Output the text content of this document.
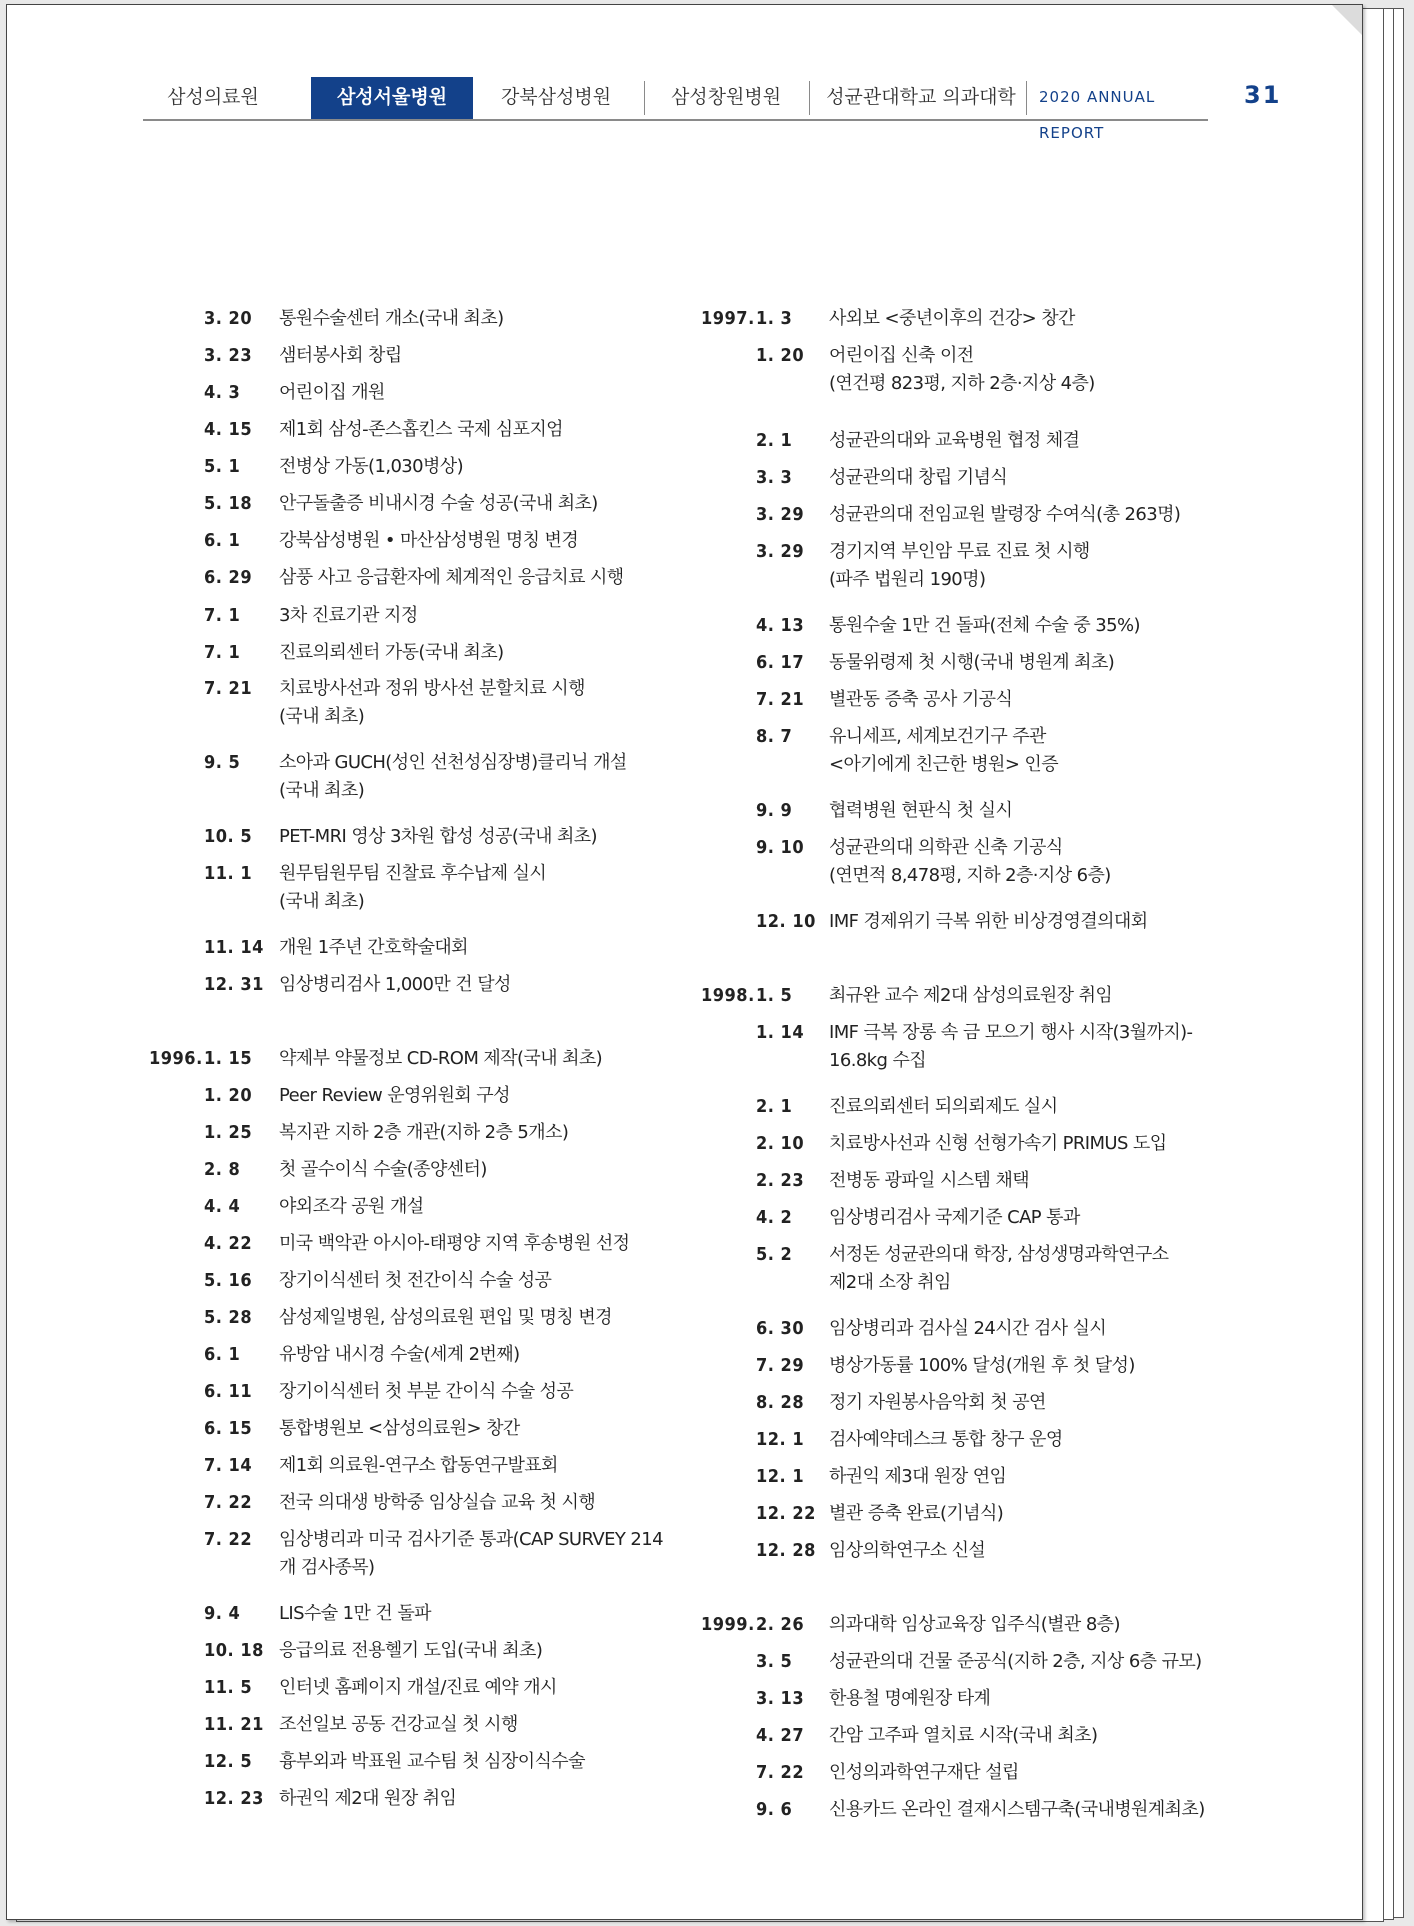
삼성의료원	삼성서울병원	강북삼성병원	삼성창원병원	성균관대학교 의과대학	2020 ANNUAL REPORT
31
3. 20 통원수술센터 개소(국내 최초)
3. 23 샘터봉사회 창립
4. 3 어린이집 개원
4. 15 제1회 삼성-존스홉킨스 국제 심포지엄
5. 1 전병상 가동(1,030병상)
5. 18 안구돌출증 비내시경 수술 성공(국내 최초)
6. 1 강북삼성병원 • 마산삼성병원 명칭 변경
6. 29 삼풍 사고 응급환자에 체계적인 응급치료 시행
7. 1 3차 진료기관 지정
7. 1 진료의뢰센터 가동(국내 최초)
7. 21 치료방사선과 정위 방사선 분할치료 시행
(국내 최초)
9. 5 소아과 GUCH(성인 선천성심장병)클리닉 개설
(국내 최초)
10. 5 PET-MRI 영상 3차원 합성 성공(국내 최초)
11. 1 원무팀원무팀 진찰료 후수납제 실시
(국내 최초)
11. 14 개원 1주년 간호학술대회
12. 31 임상병리검사 1,000만 건 달성
1996. 1. 15 약제부 약물정보 CD-ROM 제작(국내 최초)
1. 20 Peer Review 운영위원회 구성
1. 25 복지관 지하 2층 개관(지하 2층 5개소)
2. 8 첫 골수이식 수술(종양센터)
4. 4 야외조각 공원 개설
4. 22 미국 백악관 아시아-태평양 지역 후송병원 선정
5. 16 장기이식센터 첫 전간이식 수술 성공
5. 28 삼성제일병원, 삼성의료원 편입 및 명칭 변경
6. 1 유방암 내시경 수술(세계 2번째)
6. 11 장기이식센터 첫 부분 간이식 수술 성공
6. 15 통합병원보 <삼성의료원> 창간
7. 14 제1회 의료원-연구소 합동연구발표회
7. 22 전국 의대생 방학중 임상실습 교육 첫 시행
7. 22 임상병리과 미국 검사기준 통과(CAP SURVEY 214
개 검사종목)
9. 4 LIS수술 1만 건 돌파
10. 18 응급의료 전용헬기 도입(국내 최초)
11. 5 인터넷 홈페이지 개설/진료 예약 개시
11. 21 조선일보 공동 건강교실 첫 시행
12. 5 흉부외과 박표원 교수팀 첫 심장이식수술
12. 23 하권익 제2대 원장 취임
1997. 1. 3 사외보 <중년이후의 건강> 창간
1. 20 어린이집 신축 이전
(연건평 823평, 지하 2층·지상 4층)
2. 1 성균관의대와 교육병원 협정 체결
3. 3 성균관의대 창립 기념식
3. 29 성균관의대 전임교원 발령장 수여식(총 263명)
3. 29 경기지역 부인암 무료 진료 첫 시행
(파주 법원리 190명)
4. 13 통원수술 1만 건 돌파(전체 수술 중 35%)
6. 17 동물위령제 첫 시행(국내 병원계 최초)
7. 21 별관동 증축 공사 기공식
8. 7 유니세프, 세계보건기구 주관
<아기에게 친근한 병원> 인증
9. 9 협력병원 현판식 첫 실시
9. 10 성균관의대 의학관 신축 기공식
(연면적 8,478평, 지하 2층·지상 6층)
12. 10 IMF 경제위기 극복 위한 비상경영결의대회
1998. 1. 5 최규완 교수 제2대 삼성의료원장 취임
1. 14 IMF 극복 장롱 속 금 모으기 행사 시작(3월까지)-
16.8kg 수집
2. 1 진료의뢰센터 되의뢰제도 실시
2. 10 치료방사선과 신형 선형가속기 PRIMUS 도입
2. 23 전병동 광파일 시스템 채택
4. 2 임상병리검사 국제기준 CAP 통과
5. 2 서정돈 성균관의대 학장, 삼성생명과학연구소
제2대 소장 취임
6. 30 임상병리과 검사실 24시간 검사 실시
7. 29 병상가동률 100% 달성(개원 후 첫 달성)
8. 28 정기 자원봉사음악회 첫 공연
12. 1 검사예약데스크 통합 창구 운영
12. 1 하권익 제3대 원장 연임
12. 22 별관 증축 완료(기념식)
12. 28 임상의학연구소 신설
1999. 2. 26 의과대학 임상교육장 입주식(별관 8층)
3. 5 성균관의대 건물 준공식(지하 2층, 지상 6층 규모)
3. 13 한용철 명예원장 타계
4. 27 간암 고주파 열치료 시작(국내 최초)
7. 22 인성의과학연구재단 설립
9. 6 신용카드 온라인 결재시스템구축(국내병원계최초)
